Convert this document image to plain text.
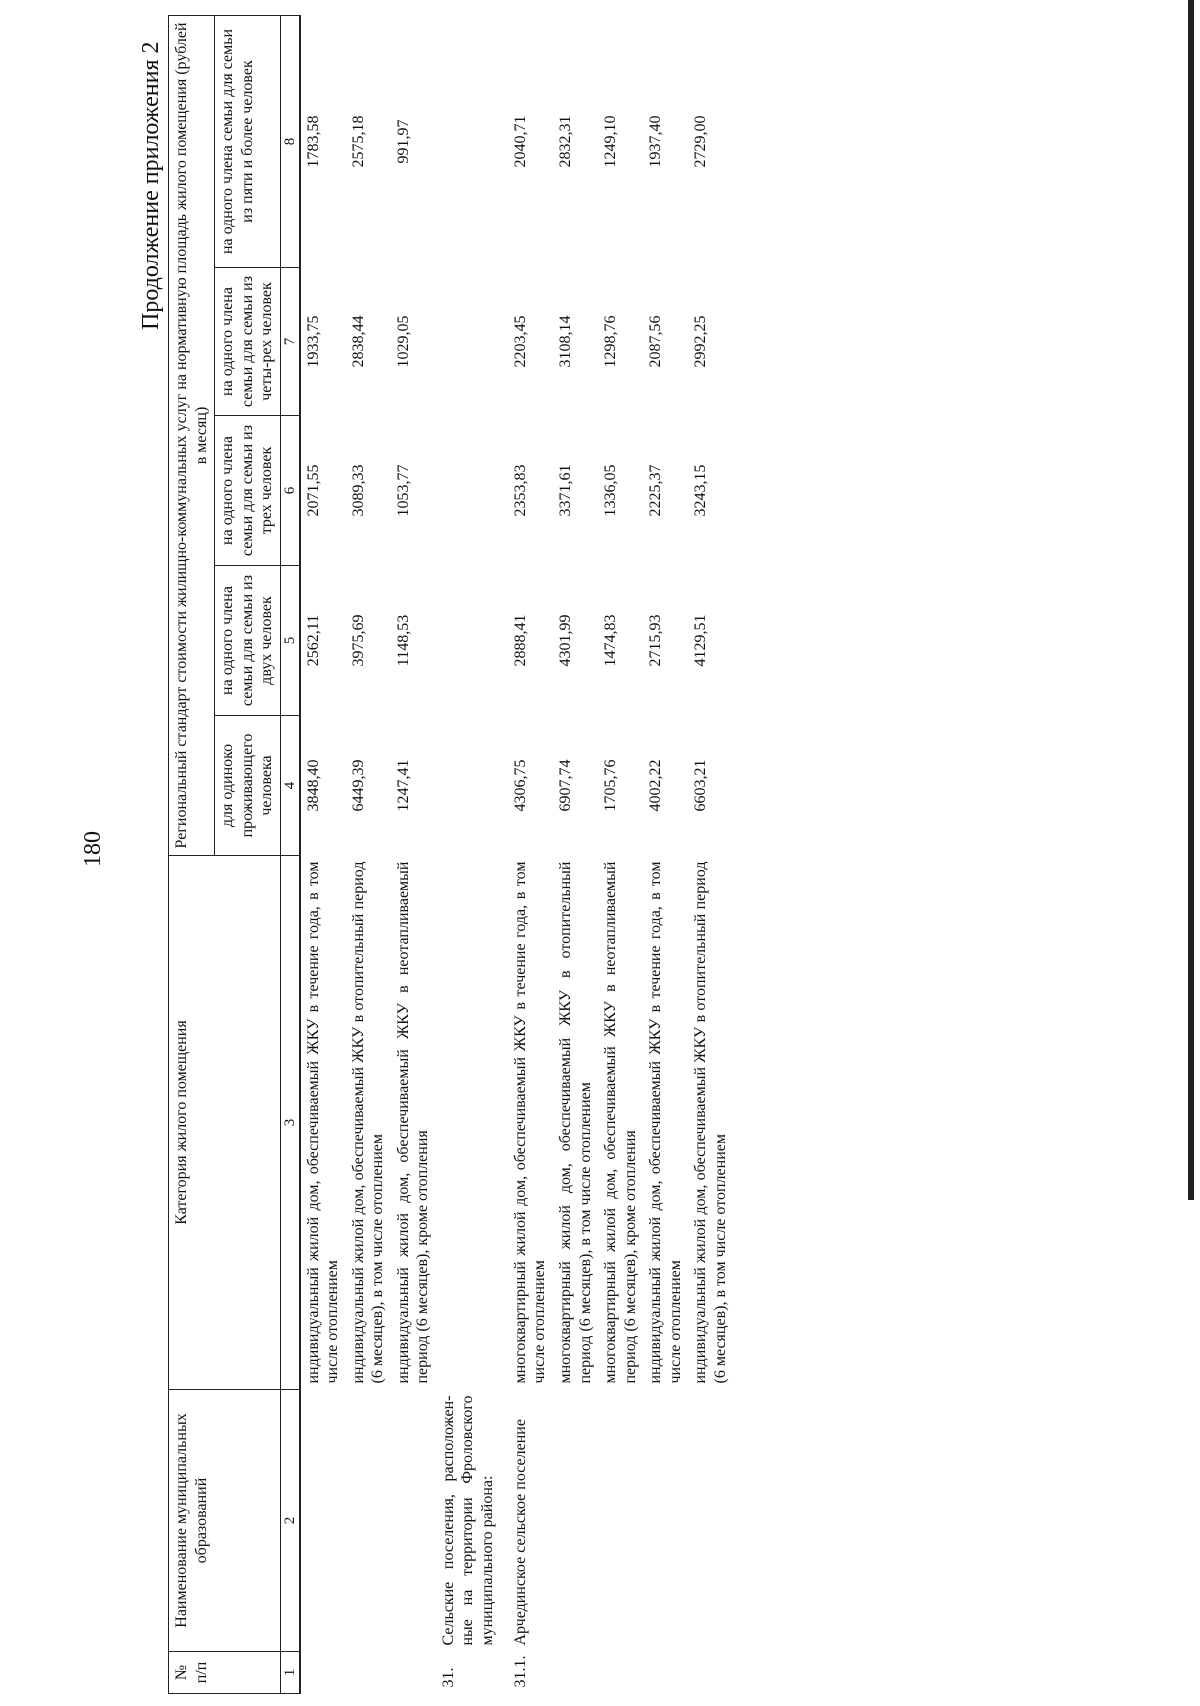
180
Продолжение приложения 2
№ п/п	Наименование муниципальных образований	Категория жилого помещения	Региональный стандарт стоимости жилищно-коммунальных услуг на нормативную площадь жилого помещения (рублей в месяц)				
			для одиноко проживающего человека	на одного члена семьи для семьи из двух человек	на одного члена семьи для семьи из трех человек	на одного члена семьи для семьи из четы-рех человек	на одного члена семьи для семьи из пяти и более человек
1	2	3	4	5	6	7	8
		индивидуальный жилой дом, обеспечиваемый ЖКУ в течение года, в том числе отоплением	3848,40	2562,11	2071,55	1933,75	1783,58
		индивидуальный жилой дом, обеспечиваемый ЖКУ в отопительный период (6 месяцев), в том числе отоплением	6449,39	3975,69	3089,33	2838,44	2575,18
		индивидуальный жилой дом, обеспечиваемый ЖКУ в неотапливаемый период (6 месяцев), кроме отопления	1247,41	1148,53	1053,77	1029,05	991,97
31.	Сельские поселения, расположен-ные на территории Фроловского муниципального района:						
31.1.	Арчединское сельское поселение	многоквартирный жилой дом, обеспечиваемый ЖКУ в течение года, в том числе отоплением	4306,75	2888,41	2353,83	2203,45	2040,71
		многоквартирный жилой дом, обеспечиваемый ЖКУ в отопительный период (6 месяцев), в том числе отоплением	6907,74	4301,99	3371,61	3108,14	2832,31
		многоквартирный жилой дом, обеспечиваемый ЖКУ в неотапливаемый период (6 месяцев), кроме отопления	1705,76	1474,83	1336,05	1298,76	1249,10
		индивидуальный жилой дом, обеспечиваемый ЖКУ в течение года, в том числе отоплением	4002,22	2715,93	2225,37	2087,56	1937,40
		индивидуальный жилой дом, обеспечиваемый ЖКУ в отопительный период (6 месяцев), в том числе отоплением	6603,21	4129,51	3243,15	2992,25	2729,00
